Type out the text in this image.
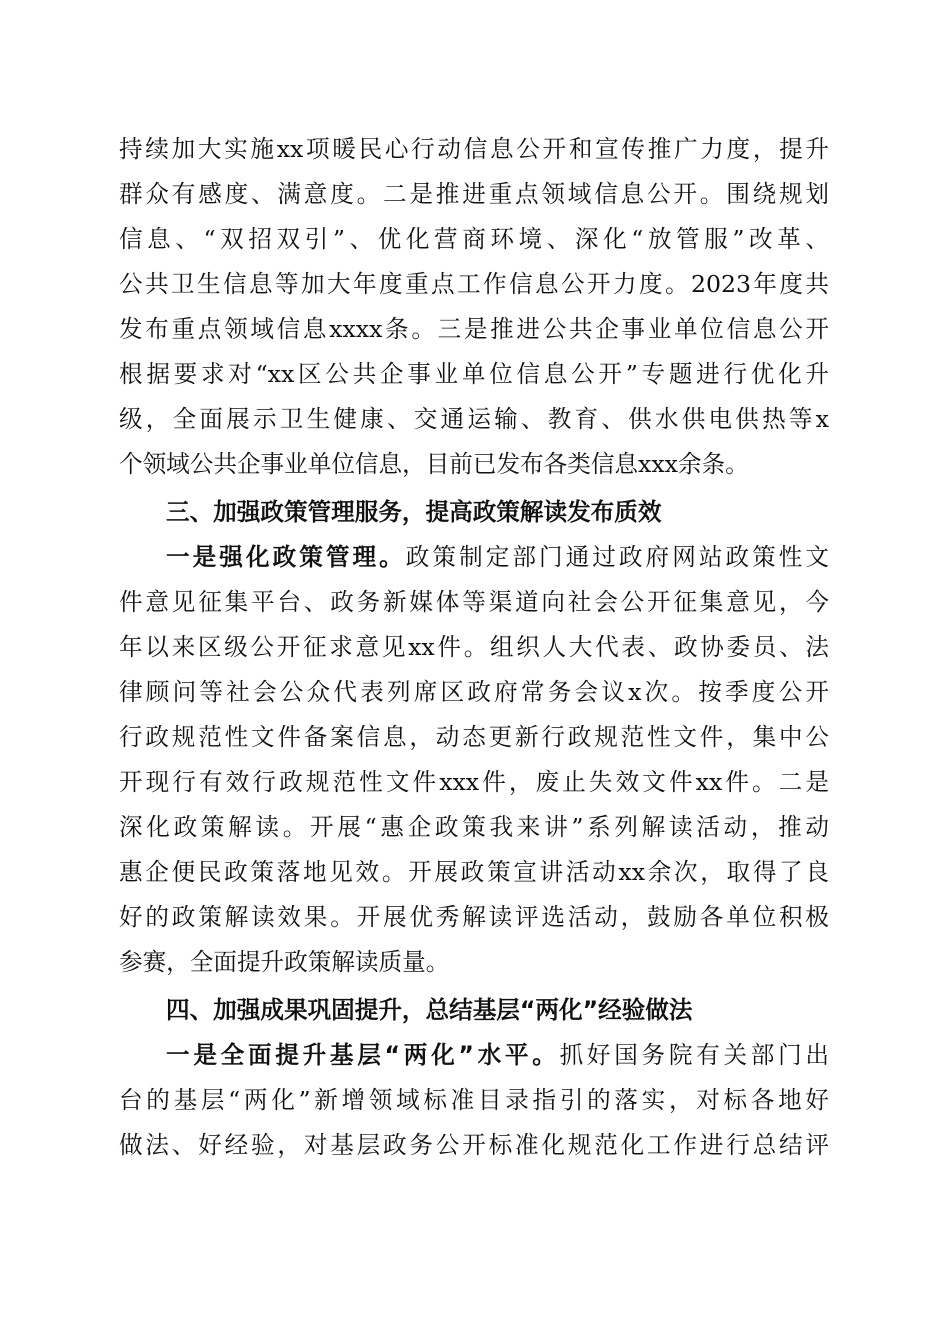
持续加大实施xx项暖民心行动信息公开和宣传推广力度，提升
群众有感度、满意度。二是推进重点领域信息公开。围绕规划
信息、“双招双引”、优化营商环境、深化“放管服”改革、
公共卫生信息等加大年度重点工作信息公开力度。2023年度共
发布重点领域信息xxxx条。三是推进公共企事业单位信息公开
根据要求对“xx区公共企事业单位信息公开”专题进行优化升
级，全面展示卫生健康、交通运输、教育、供水供电供热等x
个领域公共企事业单位信息，目前已发布各类信息xxx余条。
三、加强政策管理服务，提高政策解读发布质效
一是强化政策管理。政策制定部门通过政府网站政策性文
件意见征集平台、政务新媒体等渠道向社会公开征集意见，今
年以来区级公开征求意见xx件。组织人大代表、政协委员、法
律顾问等社会公众代表列席区政府常务会议x次。按季度公开
行政规范性文件备案信息，动态更新行政规范性文件，集中公
开现行有效行政规范性文件xxx件，废止失效文件xx件。二是
深化政策解读。开展“惠企政策我来讲”系列解读活动，推动
惠企便民政策落地见效。开展政策宣讲活动xx余次，取得了良
好的政策解读效果。开展优秀解读评选活动，鼓励各单位积极
参赛，全面提升政策解读质量。
四、加强成果巩固提升，总结基层“两化”经验做法
一是全面提升基层“两化”水平。抓好国务院有关部门出
台的基层“两化”新增领域标准目录指引的落实，对标各地好
做法、好经验，对基层政务公开标准化规范化工作进行总结评
